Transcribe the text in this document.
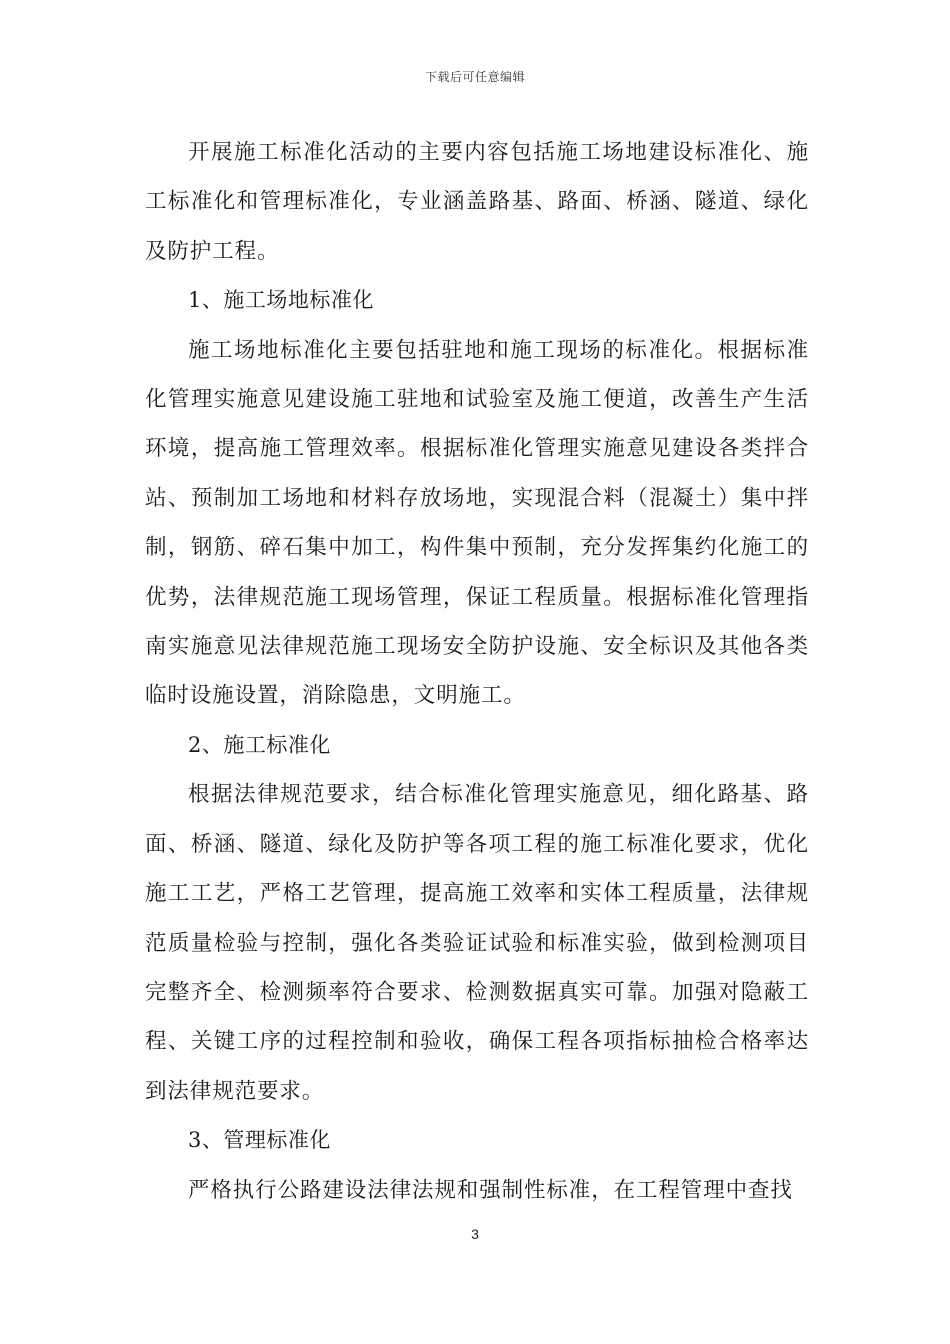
下载后可任意编辑

开展施工标准化活动的主要内容包括施工场地建设标准化、施工标准化和管理标准化，专业涵盖路基、路面、桥涵、隧道、绿化及防护工程。

1、施工场地标准化

施工场地标准化主要包括驻地和施工现场的标准化。根据标准化管理实施意见建设施工驻地和试验室及施工便道，改善生产生活环境，提高施工管理效率。根据标准化管理实施意见建设各类拌合站、预制加工场地和材料存放场地，实现混合料（混凝土）集中拌制，钢筋、碎石集中加工，构件集中预制，充分发挥集约化施工的优势，法律规范施工现场管理，保证工程质量。根据标准化管理指南实施意见法律规范施工现场安全防护设施、安全标识及其他各类临时设施设置，消除隐患，文明施工。

2、施工标准化

根据法律规范要求，结合标准化管理实施意见，细化路基、路面、桥涵、隧道、绿化及防护等各项工程的施工标准化要求，优化施工工艺，严格工艺管理，提高施工效率和实体工程质量，法律规范质量检验与控制，强化各类验证试验和标准实验，做到检测项目完整齐全、检测频率符合要求、检测数据真实可靠。加强对隐蔽工程、关键工序的过程控制和验收，确保工程各项指标抽检合格率达到法律规范要求。

3、管理标准化

严格执行公路建设法律法规和强制性标准，在工程管理中查找

3
